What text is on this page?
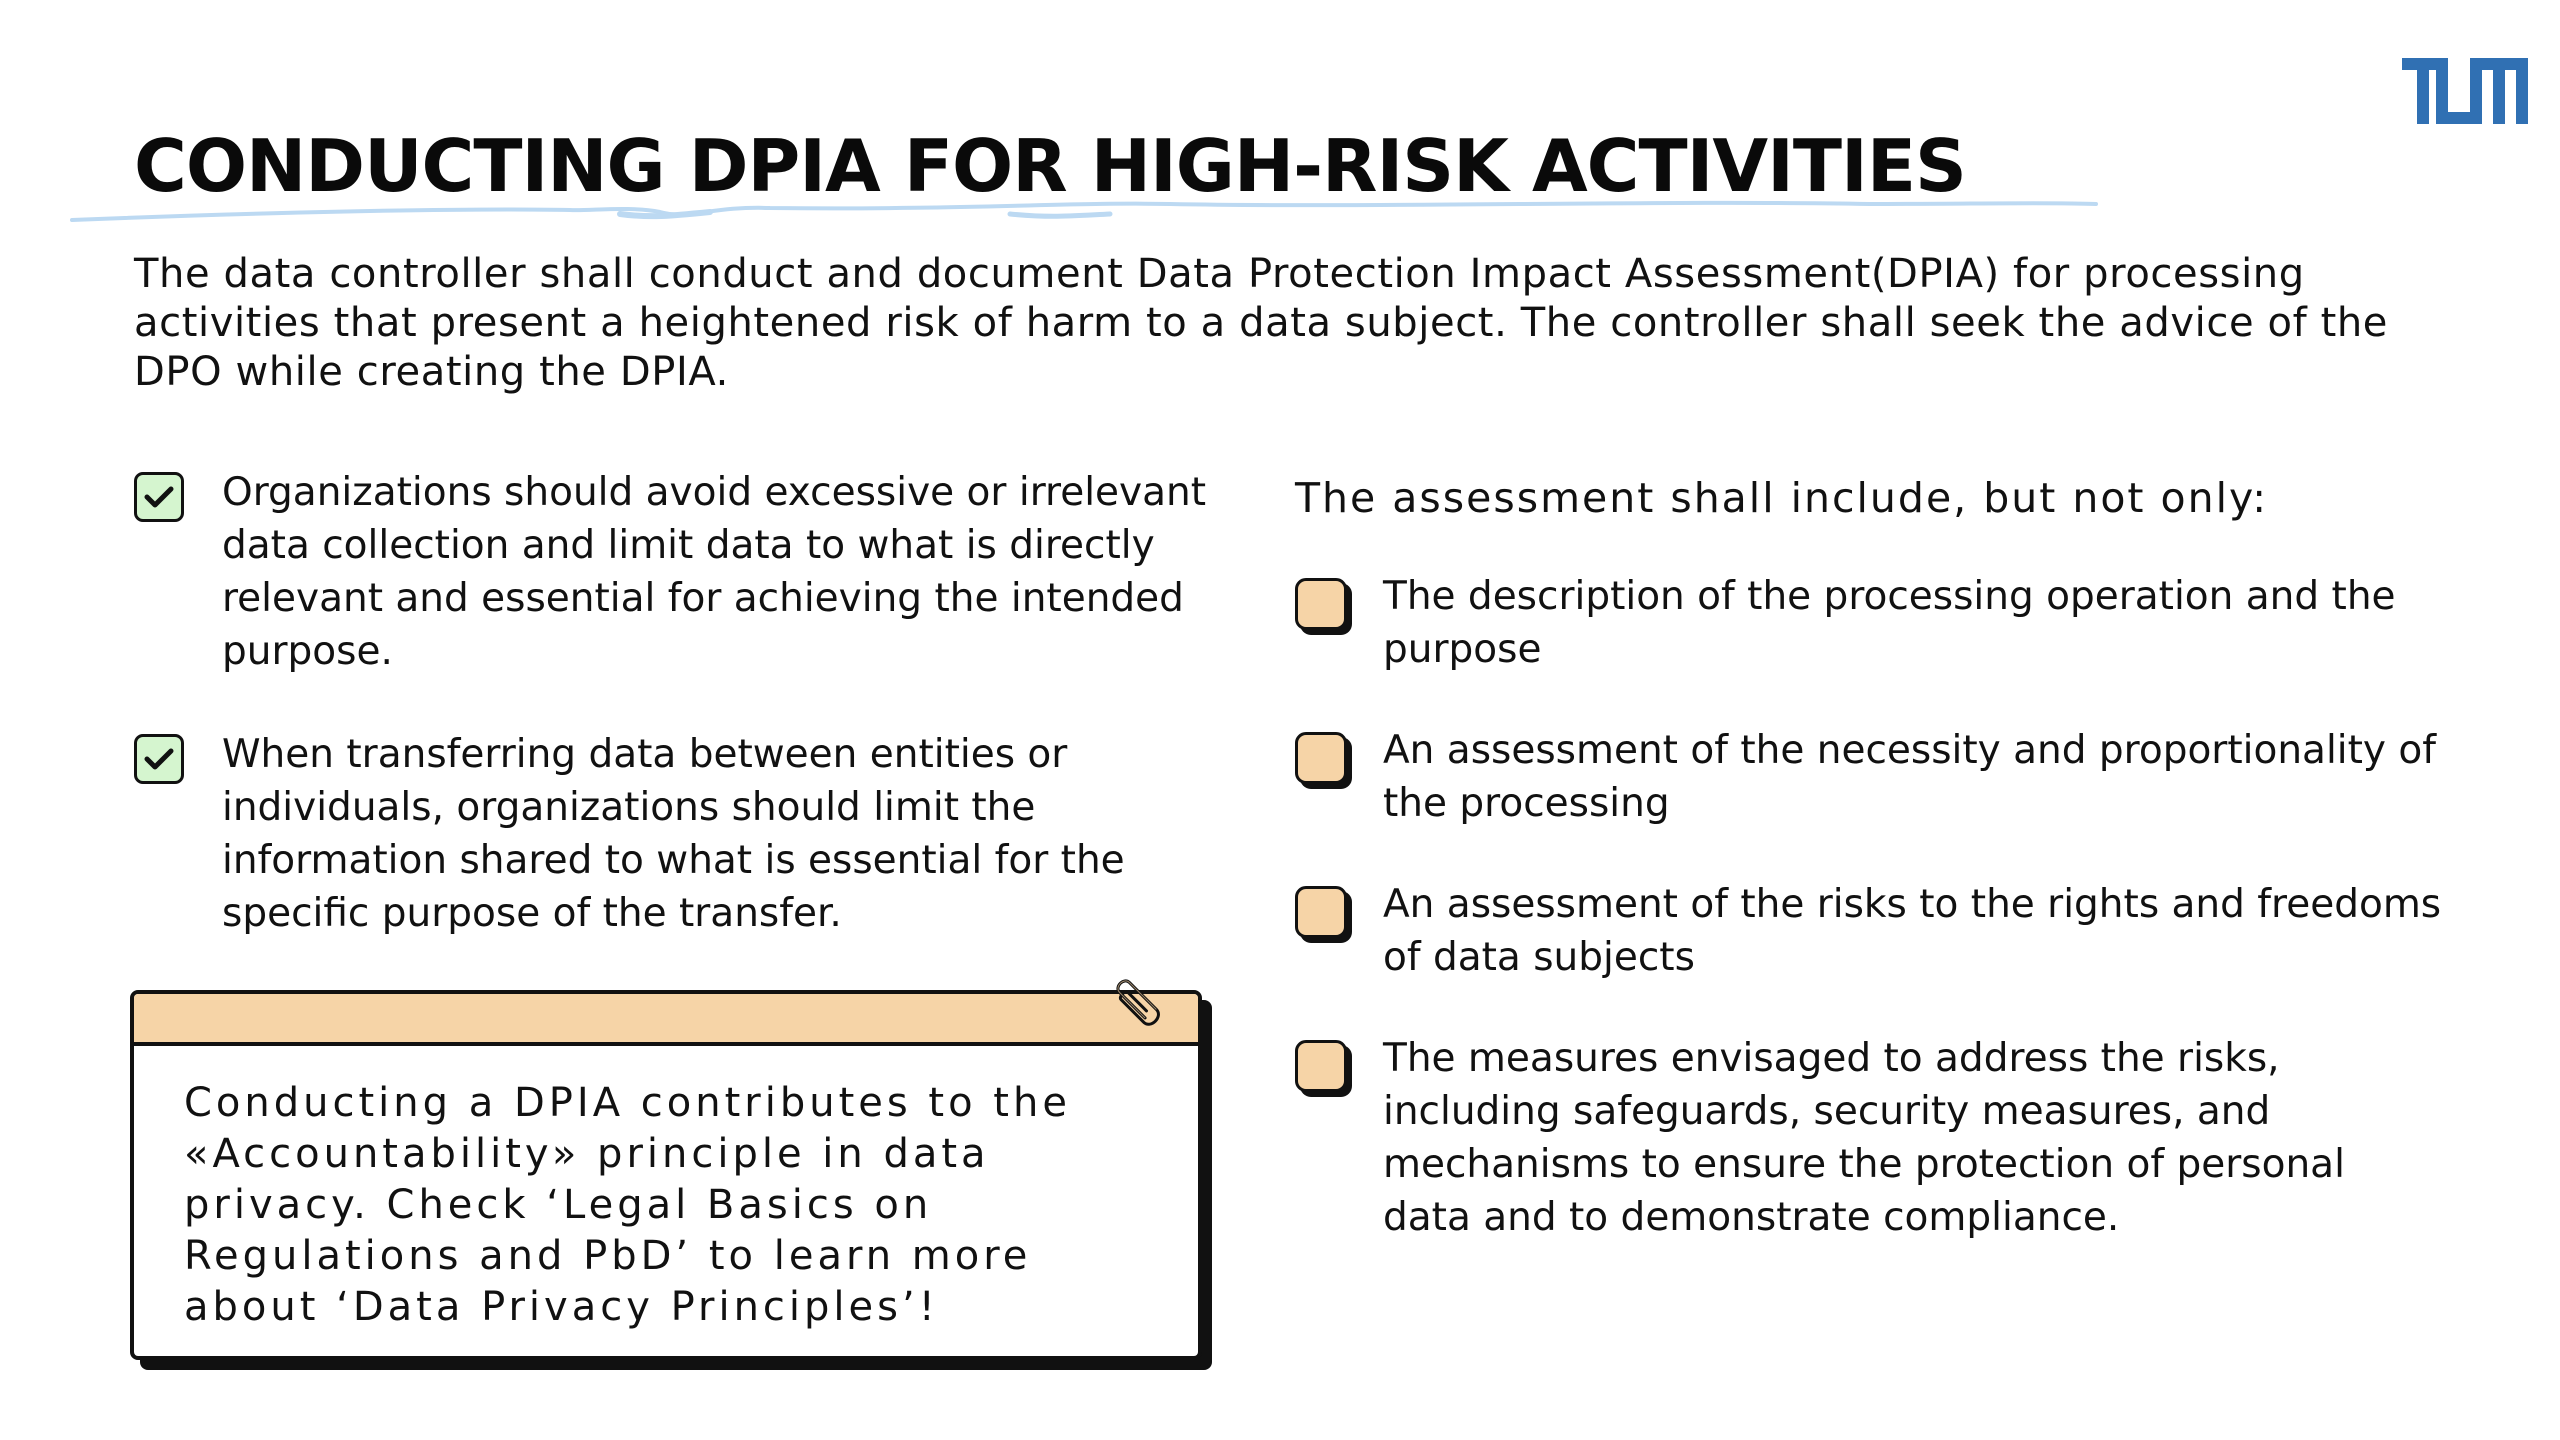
CONDUCTING DPIA FOR HIGH-RISK ACTIVITIES

The data controller shall conduct and document Data Protection Impact Assessment(DPIA) for processing activities that present a heightened risk of harm to a data subject. The controller shall seek the advice of the DPO while creating the DPIA.

Organizations should avoid excessive or irrelevant data collection and limit data to what is directly relevant and essential for achieving the intended purpose.

When transferring data between entities or individuals, organizations should limit the information shared to what is essential for the specific purpose of the transfer.

Conducting a DPIA contributes to the «Accountability» principle in data privacy. Check ‘Legal Basics on Regulations and PbD’ to learn more about ‘Data Privacy Principles’!

The assessment shall include, but not only:

The description of the processing operation and the purpose

An assessment of the necessity and proportionality of the processing

An assessment of the risks to the rights and freedoms of data subjects

The measures envisaged to address the risks, including safeguards, security measures, and mechanisms to ensure the protection of personal data and to demonstrate compliance.
